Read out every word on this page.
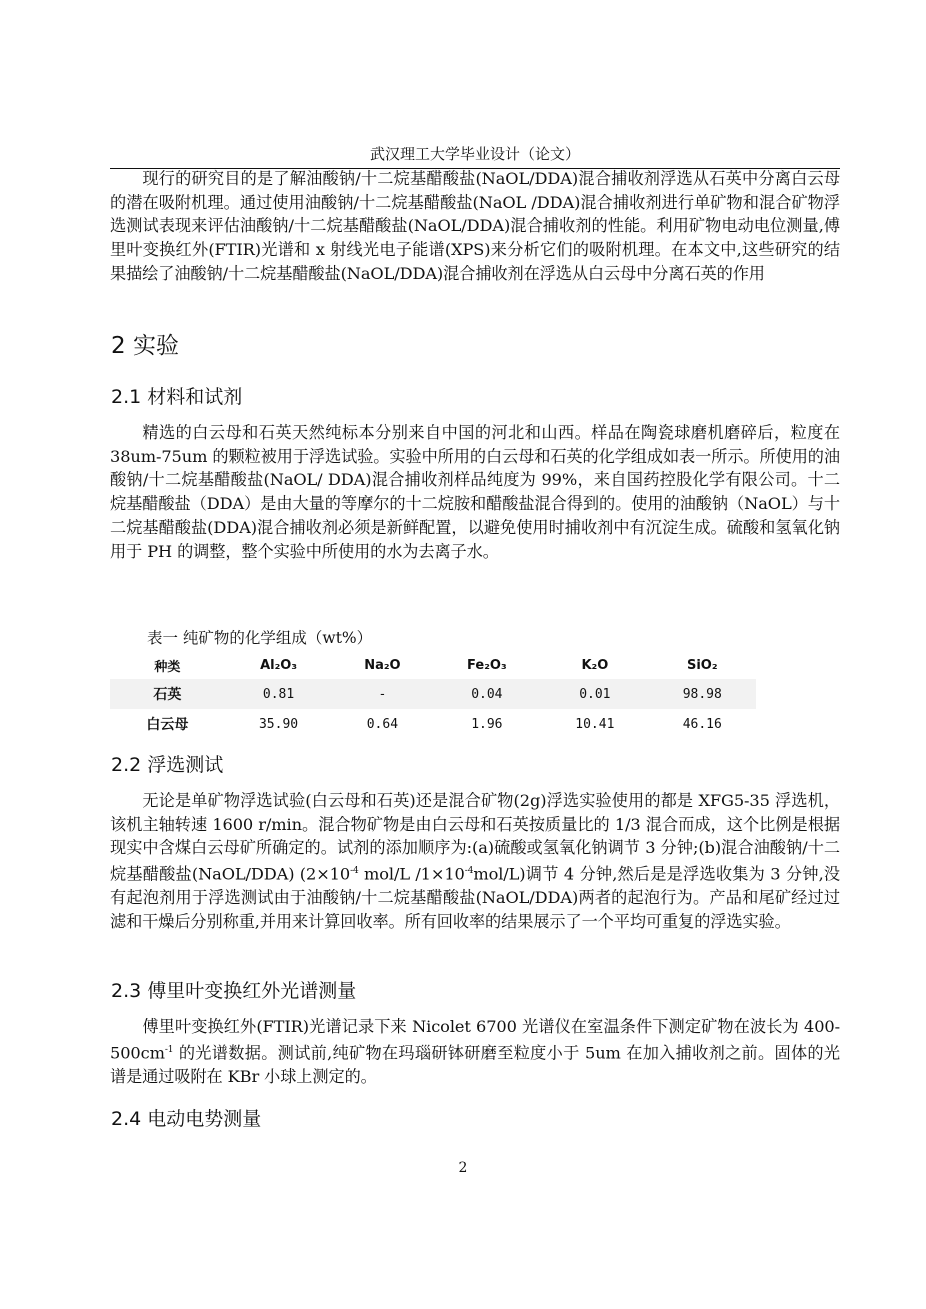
武汉理工大学毕业设计（论文）

现行的研究目的是了解油酸钠/十二烷基醋酸盐(NaOL/DDA)混合捕收剂浮选从石英中分离白云母的潜在吸附机理。通过使用油酸钠/十二烷基醋酸盐(NaOL /DDA)混合捕收剂进行单矿物和混合矿物浮选测试表现来评估油酸钠/十二烷基醋酸盐(NaOL/DDA)混合捕收剂的性能。利用矿物电动电位测量,傅里叶变换红外(FTIR)光谱和 x 射线光电子能谱(XPS)来分析它们的吸附机理。在本文中,这些研究的结果描绘了油酸钠/十二烷基醋酸盐(NaOL/DDA)混合捕收剂在浮选从白云母中分离石英的作用

2 实验
2.1 材料和试剂

精选的白云母和石英天然纯标本分别来自中国的河北和山西。样品在陶瓷球磨机磨碎后，粒度在 38um-75um 的颗粒被用于浮选试验。实验中所用的白云母和石英的化学组成如表一所示。所使用的油酸钠/十二烷基醋酸盐(NaOL/ DDA)混合捕收剂样品纯度为 99%，来自国药控股化学有限公司。十二烷基醋酸盐（DDA）是由大量的等摩尔的十二烷胺和醋酸盐混合得到的。使用的油酸钠（NaOL）与十二烷基醋酸盐(DDA)混合捕收剂必须是新鲜配置，以避免使用时捕收剂中有沉淀生成。硫酸和氢氧化钠用于 PH 的调整，整个实验中所使用的水为去离子水。

表一 纯矿物的化学组成（wt%）
种类	Al₂O₃	Na₂O	Fe₂O₃	K₂O	SiO₂
石英	0.81	-	0.04	0.01	98.98
白云母	35.90	0.64	1.96	10.41	46.16
2.2 浮选测试

无论是单矿物浮选试验(白云母和石英)还是混合矿物(2g)浮选实验使用的都是 XFG5-35 浮选机，该机主轴转速 1600 r/min。混合物矿物是由白云母和石英按质量比的 1/3 混合而成，这个比例是根据现实中含煤白云母矿所确定的。试剂的添加顺序为:(a)硫酸或氢氧化钠调节 3 分钟;(b)混合油酸钠/十二烷基醋酸盐(NaOL/DDA) ($2\times 10^{-4}$ mol/L $/1\times 10^{-4}mol/L$)调节 4 分钟,然后是是浮选收集为 3 分钟,没有起泡剂用于浮选测试由于油酸钠/十二烷基醋酸盐(NaOL/DDA)两者的起泡行为。产品和尾矿经过过滤和干燥后分别称重,并用来计算回收率。所有回收率的结果展示了一个平均可重复的浮选实验。

2.3 傅里叶变换红外光谱测量

傅里叶变换红外(FTIR)光谱记录下来 Nicolet 6700 光谱仪在室温条件下测定矿物在波长为 $400-500cm^{-1}$ 的光谱数据。测试前,纯矿物在玛瑙研钵研磨至粒度小于 5um 在加入捕收剂之前。固体的光谱是通过吸附在 KBr 小球上测定的。

2.4 电动电势测量
2
